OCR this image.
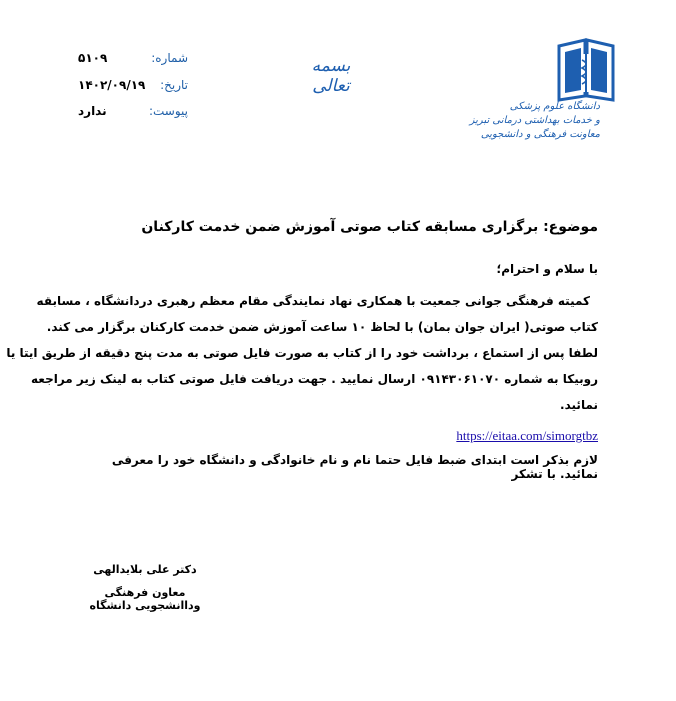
شماره:
۵۱۰۹
تاریخ:
۱۴۰۲/۰۹/۱۹
پیوست:
ندارد
بسمه تعالی
دانشگاه علوم پزشکی
و خدمات بهداشتی درمانی تبریز
معاونت فرهنگی و دانشجویی
موضوع: برگزاری مسابقه کتاب صوتی آموزش ضمن خدمت کارکنان
با سلام و احترام؛
کمیته فرهنگی جوانی جمعیت با همکاری نهاد نمایندگی مقام معظم رهبری دردانشگاه ، مسابقه
کتاب صوتی( ایران جوان بمان) با لحاظ ۱۰ ساعت آموزش ضمن خدمت کارکنان برگزار می کند.
لطفا پس از استماع ، برداشت خود را از کتاب به صورت فایل صوتی به مدت پنج دقیقه از طریق ایتا یا
روبیکا به شماره ۰۹۱۴۳۰۶۱۰۷۰ ارسال نمایید . جهت دریافت فایل صوتی کتاب به لینک زیر مراجعه
نمائید.
https://eitaa.com/simorgtbz
لازم بذکر است ابتدای ضبط فایل حتما نام و نام خانوادگی و دانشگاه خود را معرفی نمائید. با تشکر
دکتر علی بلایدالهی
معاون فرهنگی وداانشجویی دانشگاه
